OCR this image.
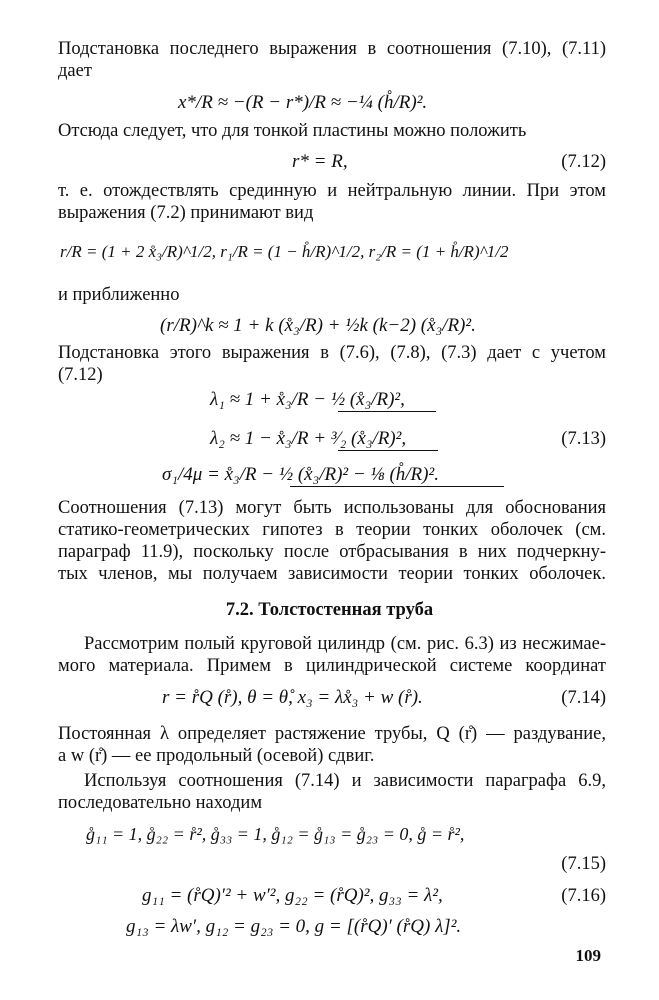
Подстановка последнего выражения в соотношения (7.10), (7.11)
дает
x*/R ≈ −(R − r*)/R ≈ −¼ (h̊/R)².
Отсюда следует, что для тонкой пластины можно положить
r* = R,	(7.12)
т. е. отождествлять срединную и нейтральную линии. При этом
выражения (7.2) принимают вид
r/R = (1 + 2 x̊₃/R)^1/2, r₁/R = (1 − h̊/R)^1/2, r₂/R = (1 + h̊/R)^1/2
и приближенно
(r/R)^k ≈ 1 + k (x̊₃/R) + ½k (k−2) (x̊₃/R)².
Подстановка этого выражения в (7.6), (7.8), (7.3) дает с учетом
(7.12)
λ₁ ≈ 1 + x̊₃/R − ½ (x̊₃/R)²,
λ₂ ≈ 1 − x̊₃/R + ³⁄₂ (x̊₃/R)²,	(7.13)
σ₁/4μ = x̊₃/R − ½ (x̊₃/R)² − ⅛ (h̊/R)².
Соотношения (7.13) могут быть использованы для обоснования
статико-геометрических гипотез в теории тонких оболочек (см.
параграф 11.9), поскольку после отбрасывания в них подчеркну-
тых членов, мы получаем зависимости теории тонких оболочек.
7.2. Толстостенная труба
Рассмотрим полый круговой цилиндр (см. рис. 6.3) из несжимае-
мого материала. Примем в цилиндрической системе координат
r = r̊Q (r̊), θ = θ̊, x₃ = λx̊₃ + w (r̊).	(7.14)
Постоянная λ определяет растяжение трубы, Q (r̊) — раздувание,
а w (r̊) — ее продольный (осевой) сдвиг.
Используя соотношения (7.14) и зависимости параграфа 6.9,
последовательно находим
g̊₁₁ = 1, g̊₂₂ = r̊², g̊₃₃ = 1, g̊₁₂ = g̊₁₃ = g̊₂₃ = 0, g̊ = r̊²,
(7.15)
g₁₁ = (r̊Q)′² + w′², g₂₂ = (r̊Q)², g₃₃ = λ²,	(7.16)
g₁₃ = λw′, g₁₂ = g₂₃ = 0, g = [(r̊Q)′ (r̊Q) λ]².
109
